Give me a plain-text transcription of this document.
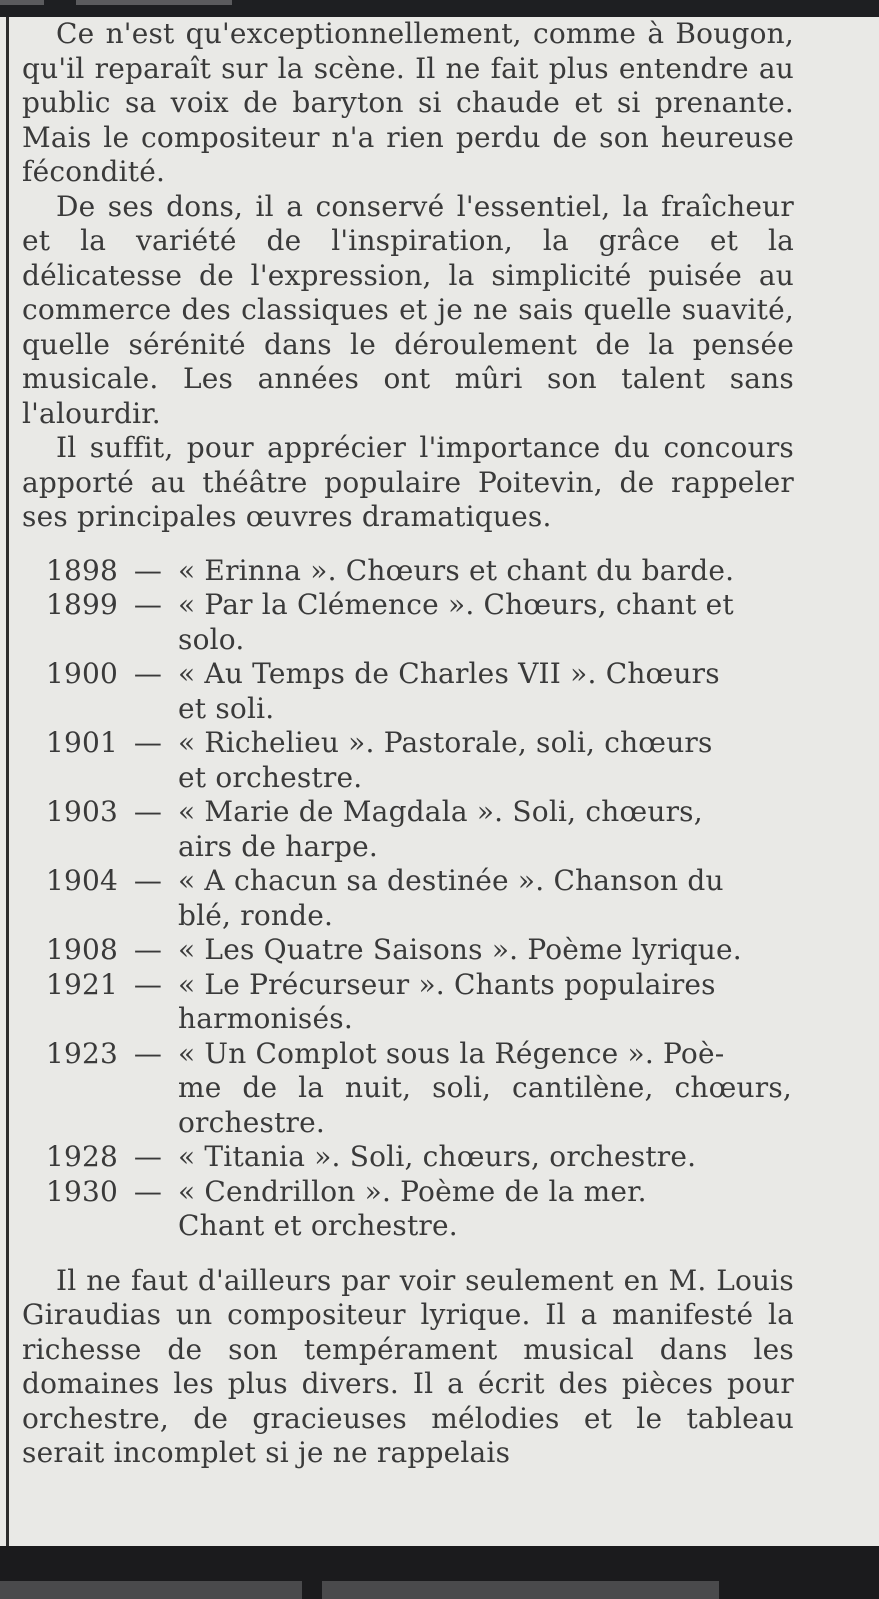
Ce n'est qu'exceptionnellement, comme à Bougon, qu'il reparaît sur la scène. Il ne fait plus entendre au public sa voix de baryton si chaude et si prenante. Mais le compositeur n'a rien perdu de son heureuse fécondité.

De ses dons, il a conservé l'essentiel, la fraîcheur et la variété de l'inspiration, la grâce et la délicatesse de l'expression, la simplicité puisée au commerce des classiques et je ne sais quelle suavité, quelle sérénité dans le déroulement de la pensée musicale. Les années ont mûri son talent sans l'alourdir.

Il suffit, pour apprécier l'importance du concours apporté au théâtre populaire Poitevin, de rappeler ses principales œuvres dramatiques.

1898 — « Erinna ». Chœurs et chant du barde.
1899 — « Par la Clémence ». Chœurs, chant et
solo.
1900 — « Au Temps de Charles VII ». Chœurs
et soli.
1901 — « Richelieu ». Pastorale, soli, chœurs
et orchestre.
1903 — « Marie de Magdala ». Soli, chœurs,
airs de harpe.
1904 — « A chacun sa destinée ». Chanson du
blé, ronde.
1908 — « Les Quatre Saisons ». Poème lyrique.
1921 — « Le Précurseur ». Chants populaires
harmonisés.
1923 — « Un Complot sous la Régence ». Poè-
me de la nuit, soli, cantilène, chœurs, orchestre.
1928 — « Titania ». Soli, chœurs, orchestre.
1930 — « Cendrillon ». Poème de la mer.
Chant et orchestre.

Il ne faut d'ailleurs par voir seulement en M. Louis Giraudias un compositeur lyrique. Il a manifesté la richesse de son tempérament musical dans les domaines les plus divers. Il a écrit des pièces pour orchestre, de gracieuses mélodies et le tableau serait incomplet si je ne rappelais
